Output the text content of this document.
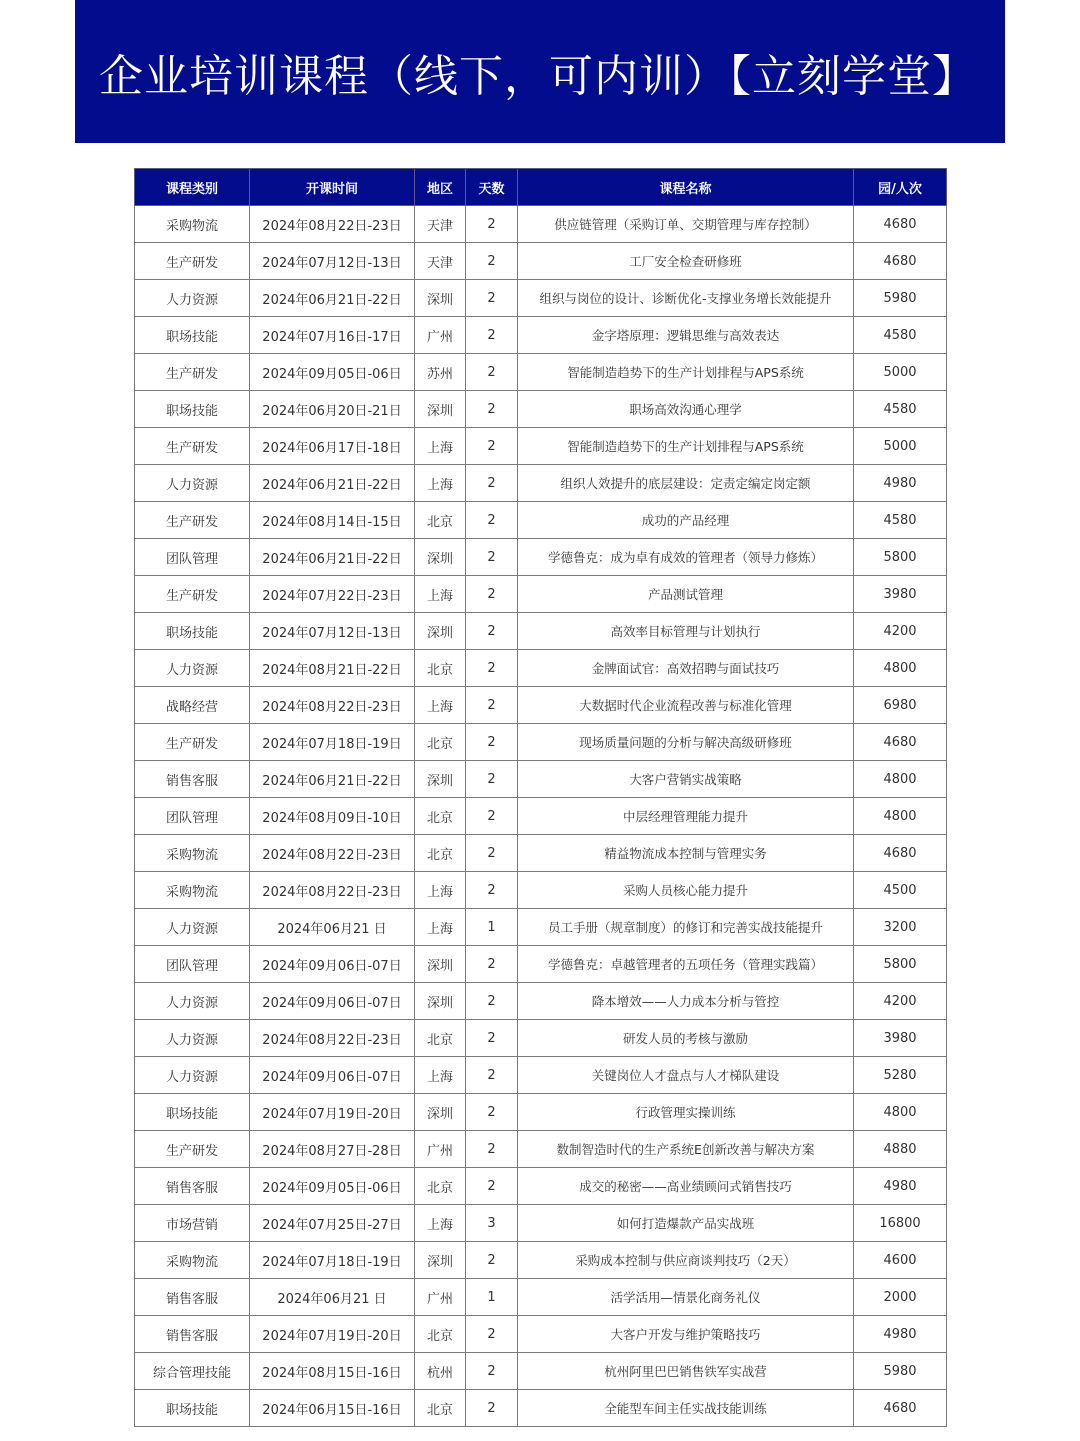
企业培训课程（线下，可内训）【立刻学堂】
课程类别	开课时间	地区	天数	课程名称	园/人次
采购物流	2024年08月22日-23日	天津	2	供应链管理（采购订单、交期管理与库存控制）	4680
生产研发	2024年07月12日-13日	天津	2	工厂安全检查研修班	4680
人力资源	2024年06月21日-22日	深圳	2	组织与岗位的设计、诊断优化-支撑业务增长效能提升	5980
职场技能	2024年07月16日-17日	广州	2	金字塔原理：逻辑思维与高效表达	4580
生产研发	2024年09月05日-06日	苏州	2	智能制造趋势下的生产计划排程与APS系统	5000
职场技能	2024年06月20日-21日	深圳	2	职场高效沟通心理学	4580
生产研发	2024年06月17日-18日	上海	2	智能制造趋势下的生产计划排程与APS系统	5000
人力资源	2024年06月21日-22日	上海	2	组织人效提升的底层建设：定责定编定岗定额	4980
生产研发	2024年08月14日-15日	北京	2	成功的产品经理	4580
团队管理	2024年06月21日-22日	深圳	2	学德鲁克：成为卓有成效的管理者（领导力修炼）	5800
生产研发	2024年07月22日-23日	上海	2	产品测试管理	3980
职场技能	2024年07月12日-13日	深圳	2	高效率目标管理与计划执行	4200
人力资源	2024年08月21日-22日	北京	2	金牌面试官：高效招聘与面试技巧	4800
战略经营	2024年08月22日-23日	上海	2	大数据时代企业流程改善与标准化管理	6980
生产研发	2024年07月18日-19日	北京	2	现场质量问题的分析与解决高级研修班	4680
销售客服	2024年06月21日-22日	深圳	2	大客户营销实战策略	4800
团队管理	2024年08月09日-10日	北京	2	中层经理管理能力提升	4800
采购物流	2024年08月22日-23日	北京	2	精益物流成本控制与管理实务	4680
采购物流	2024年08月22日-23日	上海	2	采购人员核心能力提升	4500
人力资源	2024年06月21 日	上海	1	员工手册（规章制度）的修订和完善实战技能提升	3200
团队管理	2024年09月06日-07日	深圳	2	学德鲁克：卓越管理者的五项任务（管理实践篇）	5800
人力资源	2024年09月06日-07日	深圳	2	降本增效——人力成本分析与管控	4200
人力资源	2024年08月22日-23日	北京	2	研发人员的考核与激励	3980
人力资源	2024年09月06日-07日	上海	2	关键岗位人才盘点与人才梯队建设	5280
职场技能	2024年07月19日-20日	深圳	2	行政管理实操训练	4800
生产研发	2024年08月27日-28日	广州	2	数制智造时代的生产系统E创新改善与解决方案	4880
销售客服	2024年09月05日-06日	北京	2	成交的秘密——高业绩顾问式销售技巧	4980
市场营销	2024年07月25日-27日	上海	3	如何打造爆款产品实战班	16800
采购物流	2024年07月18日-19日	深圳	2	采购成本控制与供应商谈判技巧（2天）	4600
销售客服	2024年06月21 日	广州	1	活学活用—情景化商务礼仪	2000
销售客服	2024年07月19日-20日	北京	2	大客户开发与维护策略技巧	4980
综合管理技能	2024年08月15日-16日	杭州	2	杭州阿里巴巴销售铁军实战营	5980
职场技能	2024年06月15日-16日	北京	2	全能型车间主任实战技能训练	4680
